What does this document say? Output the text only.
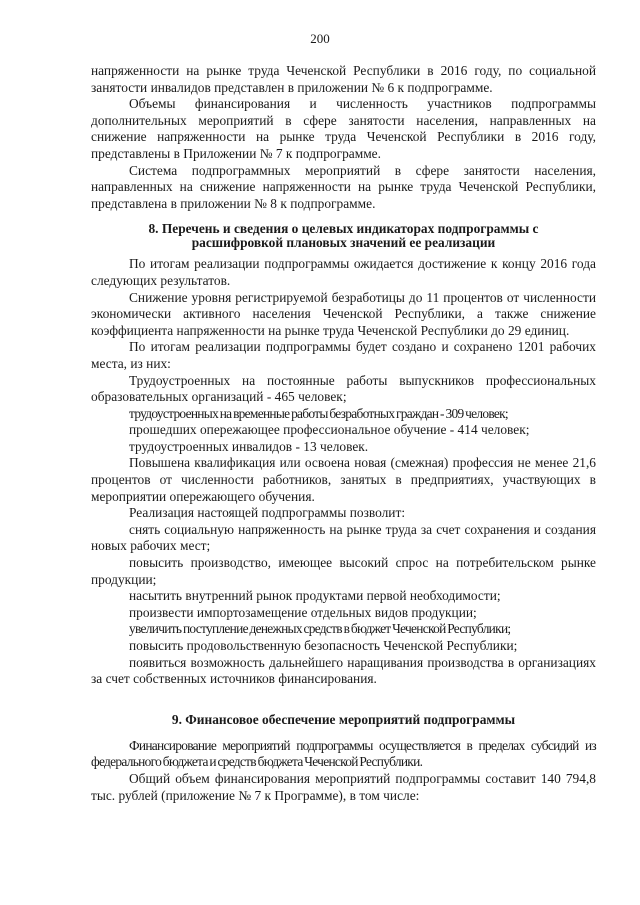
200

напряженности на рынке труда Чеченской Республики в 2016 году, по социальной занятости инвалидов представлен в приложении № 6 к подпрограмме.

Объемы финансирования и численность участников подпрограммы дополнительных мероприятий в сфере занятости населения, направленных на снижение напряженности на рынке труда Чеченской Республики в 2016 году, представлены в Приложении № 7 к подпрограмме.

Система подпрограммных мероприятий в сфере занятости населения, направленных на снижение напряженности на рынке труда Чеченской Республики, представлена в приложении № 8 к подпрограмме.

8. Перечень и сведения о целевых индикаторах подпрограммы с
расшифровкой плановых значений ее реализации

По итогам реализации подпрограммы ожидается достижение к концу 2016 года следующих результатов.

Снижение уровня регистрируемой безработицы до 11 процентов от численности экономически активного населения Чеченской Республики, а также снижение коэффициента напряженности на рынке труда Чеченской Республики до 29 единиц.

По итогам реализации подпрограммы будет создано и сохранено 1201 рабочих места, из них:

Трудоустроенных на постоянные работы выпускников профессиональных образовательных организаций - 465 человек;

трудоустроенных на временные работы безработных граждан - 309 человек;

прошедших опережающее профессиональное обучение - 414 человек;

трудоустроенных инвалидов - 13 человек.

Повышена квалификация или освоена новая (смежная) профессия не менее 21,6 процентов от численности работников, занятых в предприятиях, участвующих в мероприятии опережающего обучения.

Реализация настоящей подпрограммы позволит:

снять социальную напряженность на рынке труда за счет сохранения и создания новых рабочих мест;

повысить производство, имеющее высокий спрос на потребительском рынке продукции;

насытить внутренний рынок продуктами первой необходимости;

произвести импортозамещение отдельных видов продукции;

увеличить поступление денежных средств в бюджет Чеченской Республики;

повысить продовольственную безопасность Чеченской Республики;

появиться возможность дальнейшего наращивания производства в организациях за счет собственных источников финансирования.

9. Финансовое обеспечение мероприятий подпрограммы

Финансирование мероприятий подпрограммы осуществляется в пределах субсидий из федерального бюджета и средств бюджета Чеченской Республики.

Общий объем финансирования мероприятий подпрограммы составит 140 794,8 тыс. рублей (приложение № 7 к Программе), в том числе:
